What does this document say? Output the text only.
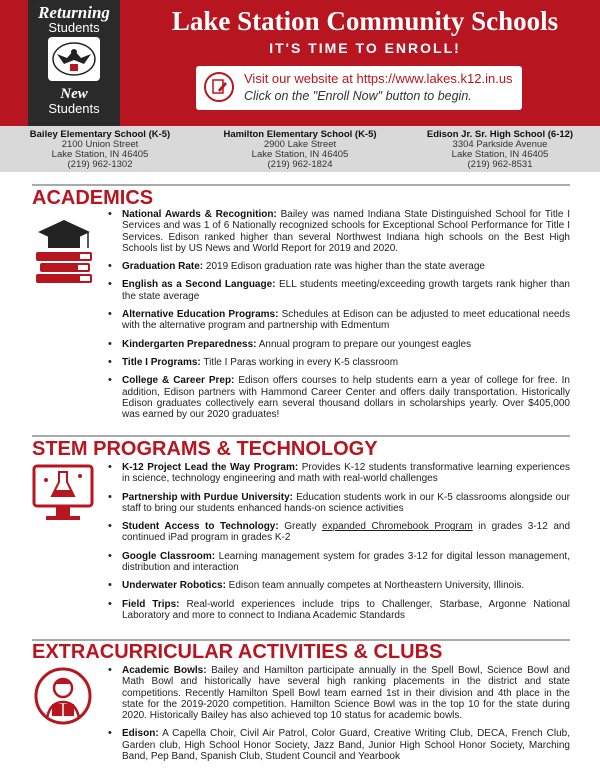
Returning
Students
New
Students
Lake Station Community Schools
IT'S TIME TO ENROLL!
Visit our website at https://www.lakes.k12.in.us
Click on the "Enroll Now" button to begin.
Bailey Elementary School (K-5)
2100 Union Street
Lake Station, IN 46405
(219) 962-1302
Hamilton Elementary School (K-5)
2900 Lake Street
Lake Station, IN 46405
(219) 962-1824
Edison Jr. Sr. High School (6-12)
3304 Parkside Avenue
Lake Station, IN 46405
(219) 962-8531
ACADEMICS
• National Awards & Recognition: Bailey was named Indiana State Distinguished School for Title I Services and was 1 of 6 Nationally recognized schools for Exceptional School Performance for Title I Services. Edison ranked higher than several Northwest Indiana high schools on the Best High Schools list by US News and World Report for 2019 and 2020.
• Graduation Rate: 2019 Edison graduation rate was higher than the state average
• English as a Second Language: ELL students meeting/exceeding growth targets rank higher than the state average
• Alternative Education Programs: Schedules at Edison can be adjusted to meet educational needs with the alternative program and partnership with Edmentum
• Kindergarten Preparedness: Annual program to prepare our youngest eagles
• Title I Programs: Title I Paras working in every K-5 classroom
• College & Career Prep: Edison offers courses to help students earn a year of college for free. In addition, Edison partners with Hammond Career Center and offers daily transportation. Historically Edison graduates collectively earn several thousand dollars in scholarships yearly. Over $405,000 was earned by our 2020 graduates!
STEM PROGRAMS & TECHNOLOGY
• K-12 Project Lead the Way Program: Provides K-12 students transformative learning experiences in science, technology engineering and math with real-world challenges
• Partnership with Purdue University: Education students work in our K-5 classrooms alongside our staff to bring our students enhanced hands-on science activities
• Student Access to Technology: Greatly expanded Chromebook Program in grades 3-12 and continued iPad program in grades K-2
• Google Classroom: Learning management system for grades 3-12 for digital lesson management, distribution and interaction
• Underwater Robotics: Edison team annually competes at Northeastern University, Illinois.
• Field Trips: Real-world experiences include trips to Challenger, Starbase, Argonne National Laboratory and more to connect to Indiana Academic Standards
EXTRACURRICULAR ACTIVITIES & CLUBS
• Academic Bowls: Bailey and Hamilton participate annually in the Spell Bowl, Science Bowl and Math Bowl and historically have several high ranking placements in the district and state competitions. Recently Hamilton Spell Bowl team earned 1st in their division and 4th place in the state for the 2019-2020 competition. Hamilton Science Bowl was in the top 10 for the state during 2020. Historically Bailey has also achieved top 10 status for academic bowls.
• Edison: A Capella Choir, Civil Air Patrol, Color Guard, Creative Writing Club, DECA, French Club, Garden club, High School Honor Society, Jazz Band, Junior High School Honor Society, Marching Band, Pep Band, Spanish Club, Student Council and Yearbook
